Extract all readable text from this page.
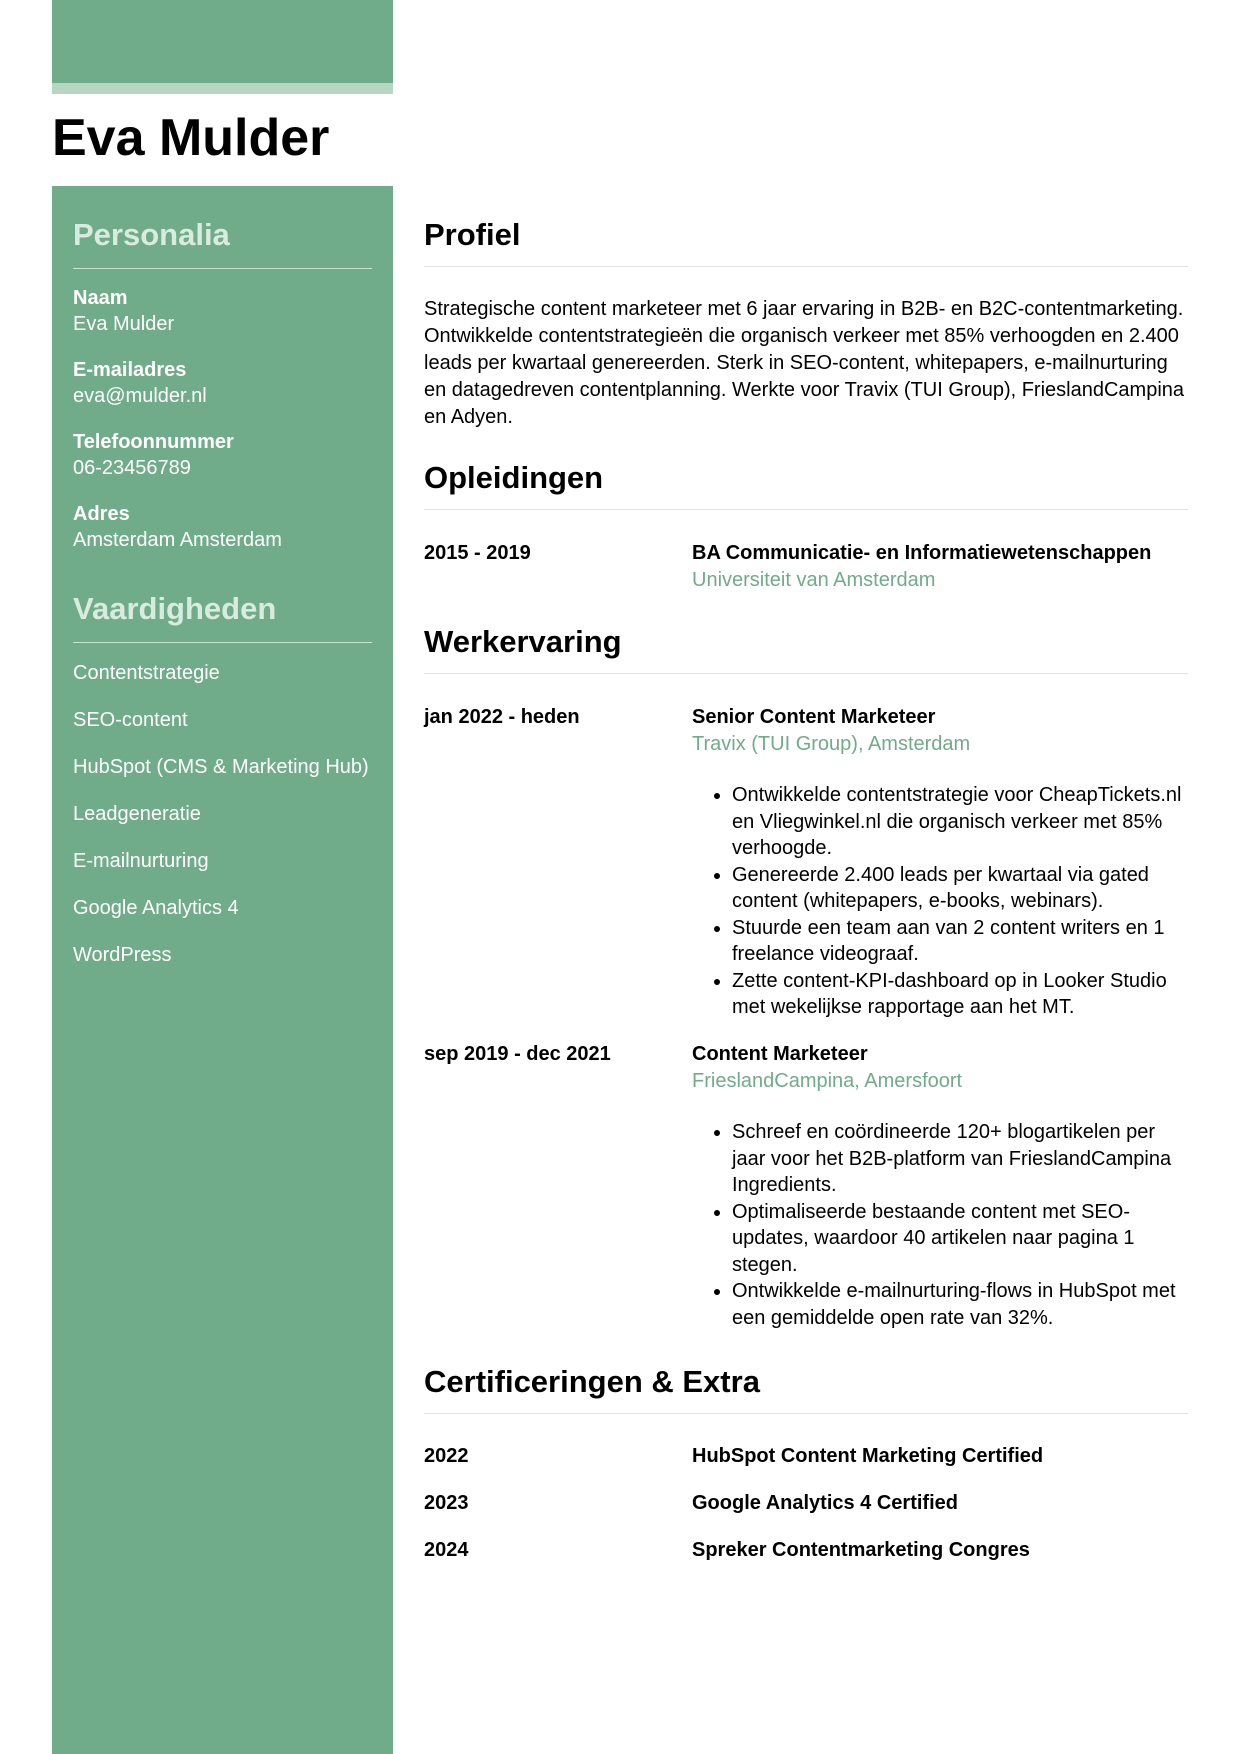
Eva Mulder
Personalia
Naam
Eva Mulder
E-mailadres
eva@mulder.nl
Telefoonnummer
06-23456789
Adres
Amsterdam Amsterdam
Vaardigheden
Contentstrategie
SEO-content
HubSpot (CMS & Marketing Hub)
Leadgeneratie
E-mailnurturing
Google Analytics 4
WordPress
Profiel

Strategische content marketeer met 6 jaar ervaring in B2B- en B2C-contentmarketing. Ontwikkelde contentstrategieën die organisch verkeer met 85% verhoogden en 2.400 leads per kwartaal genereerden. Sterk in SEO-content, whitepapers, e-mailnurturing en datagedreven contentplanning. Werkte voor Travix (TUI Group), FrieslandCampina en Adyen.

Opleidingen
2015 - 2019	BA Communicatie- en Informatiewetenschappen
Universiteit van Amsterdam
Werkervaring
jan 2022 - heden	Senior Content Marketeer
Travix (TUI Group), Amsterdam
• Ontwikkelde contentstrategie voor CheapTickets.nl en Vliegwinkel.nl die organisch verkeer met 85% verhoogde.
• Genereerde 2.400 leads per kwartaal via gated content (whitepapers, e-books, webinars).
• Stuurde een team aan van 2 content writers en 1 freelance videograaf.
• Zette content-KPI-dashboard op in Looker Studio met wekelijkse rapportage aan het MT.
sep 2019 - dec 2021	Content Marketeer
FrieslandCampina, Amersfoort
• Schreef en coördineerde 120+ blogartikelen per jaar voor het B2B-platform van FrieslandCampina Ingredients.
• Optimaliseerde bestaande content met SEO-updates, waardoor 40 artikelen naar pagina 1 stegen.
• Ontwikkelde e-mailnurturing-flows in HubSpot met een gemiddelde open rate van 32%.
Certificeringen & Extra
2022	HubSpot Content Marketing Certified
2023	Google Analytics 4 Certified
2024	Spreker Contentmarketing Congres
